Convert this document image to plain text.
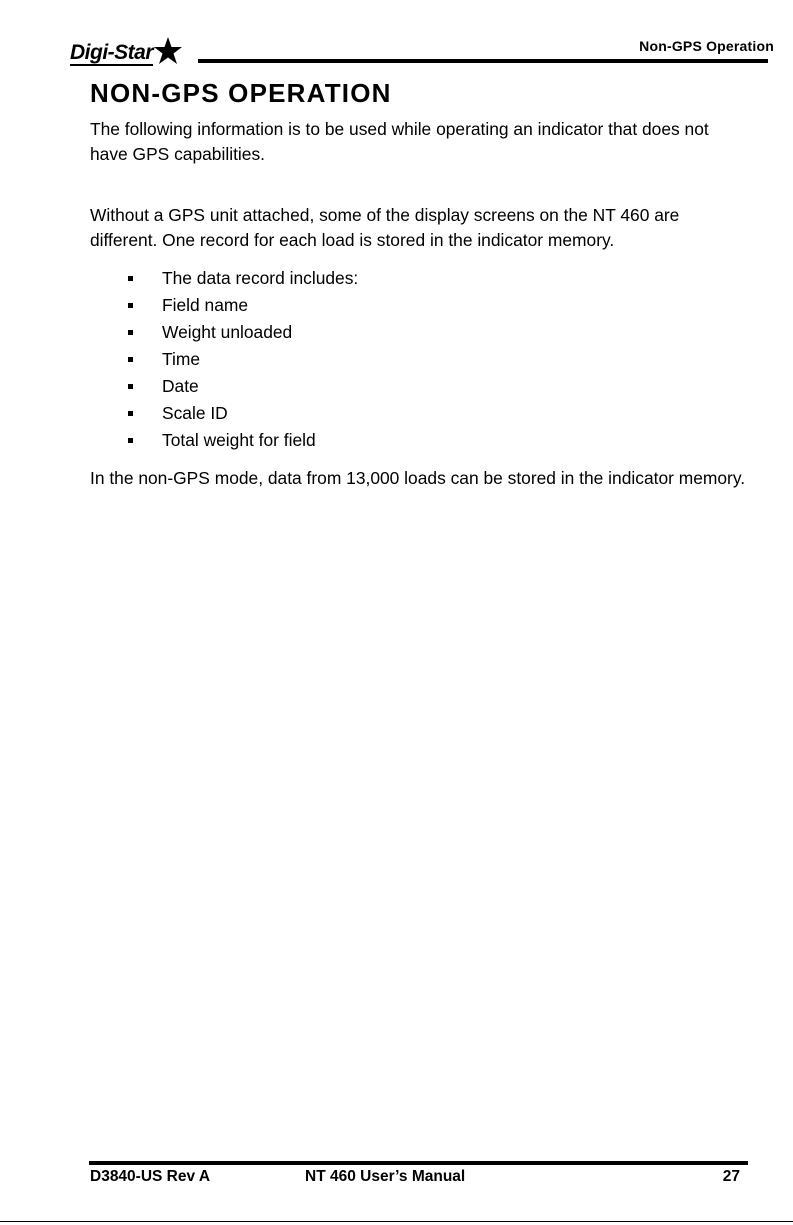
Digi-Star	Non-GPS Operation
NON-GPS OPERATION

The following information is to be used while operating an indicator that does not have GPS capabilities.

Without a GPS unit attached, some of the display screens on the NT 460 are different. One record for each load is stored in the indicator memory.

The data record includes:
Field name
Weight unloaded
Time
Date
Scale ID
Total weight for field

In the non-GPS mode, data from 13,000 loads can be stored in the indicator memory.

D3840-US Rev A	NT 460 User’s Manual	27
